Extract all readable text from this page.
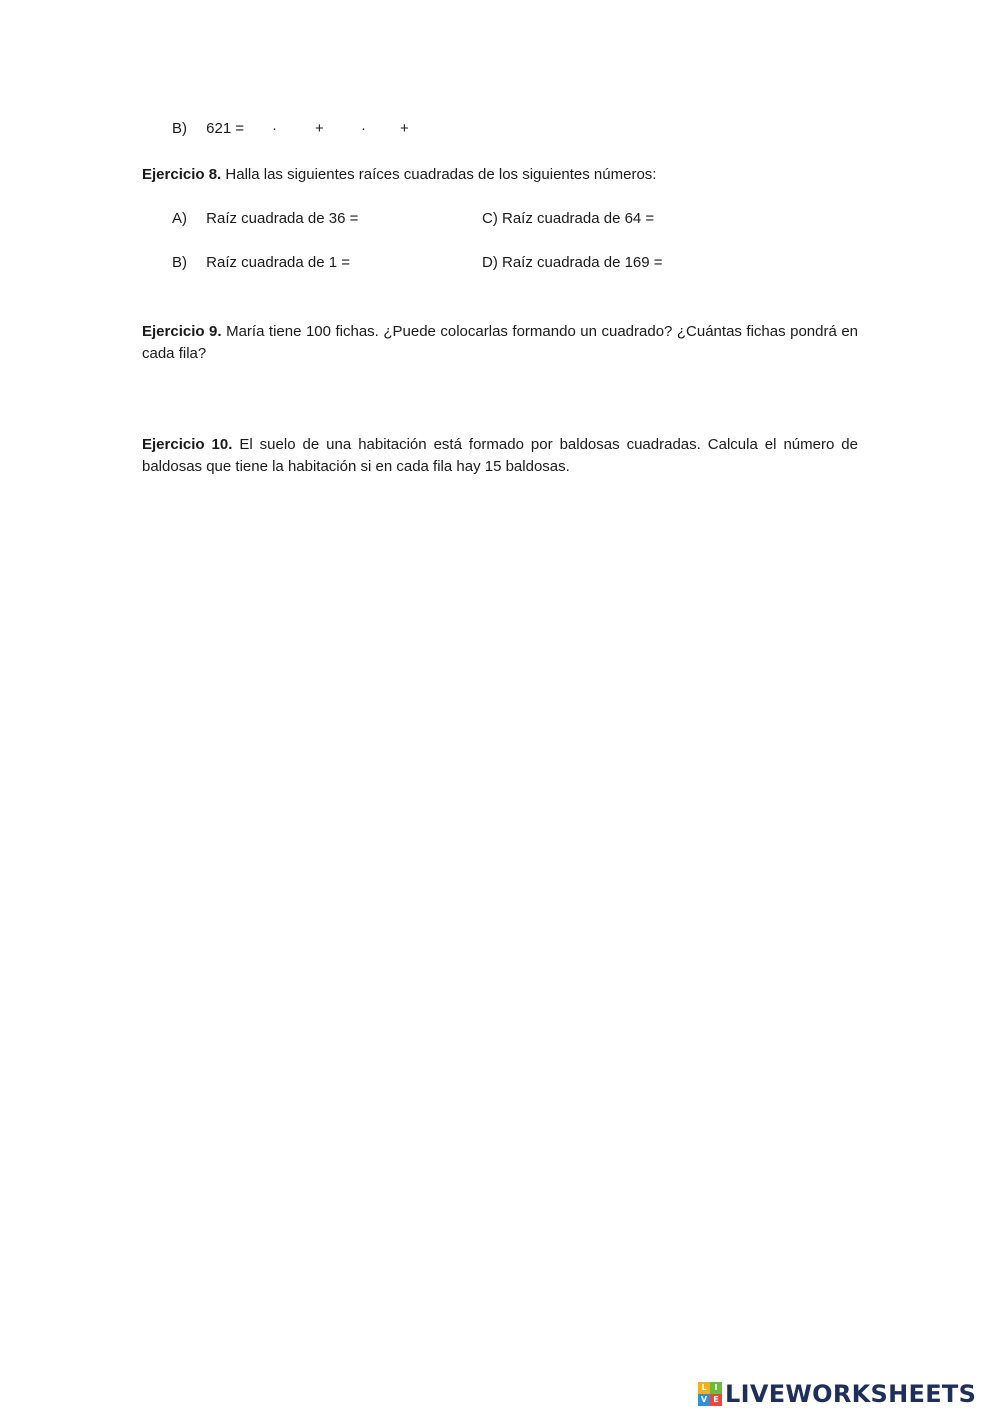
B) 621 = ·	+ · +
Ejercicio 8. Halla las siguientes raíces cuadradas de los siguientes números:
A) Raíz cuadrada de 36 =
B) Raíz cuadrada de 1 =
C) Raíz cuadrada de 64 =
D) Raíz cuadrada de 169 =
Ejercicio 9. María tiene 100 fichas. ¿Puede colocarlas formando un cuadrado? ¿Cuántas fichas pondrá en cada fila?
Ejercicio 10. El suelo de una habitación está formado por baldosas cuadradas. Calcula el número de baldosas que tiene la habitación si en cada fila hay 15 baldosas.
L I
V E LIVEWORKSHEETS
